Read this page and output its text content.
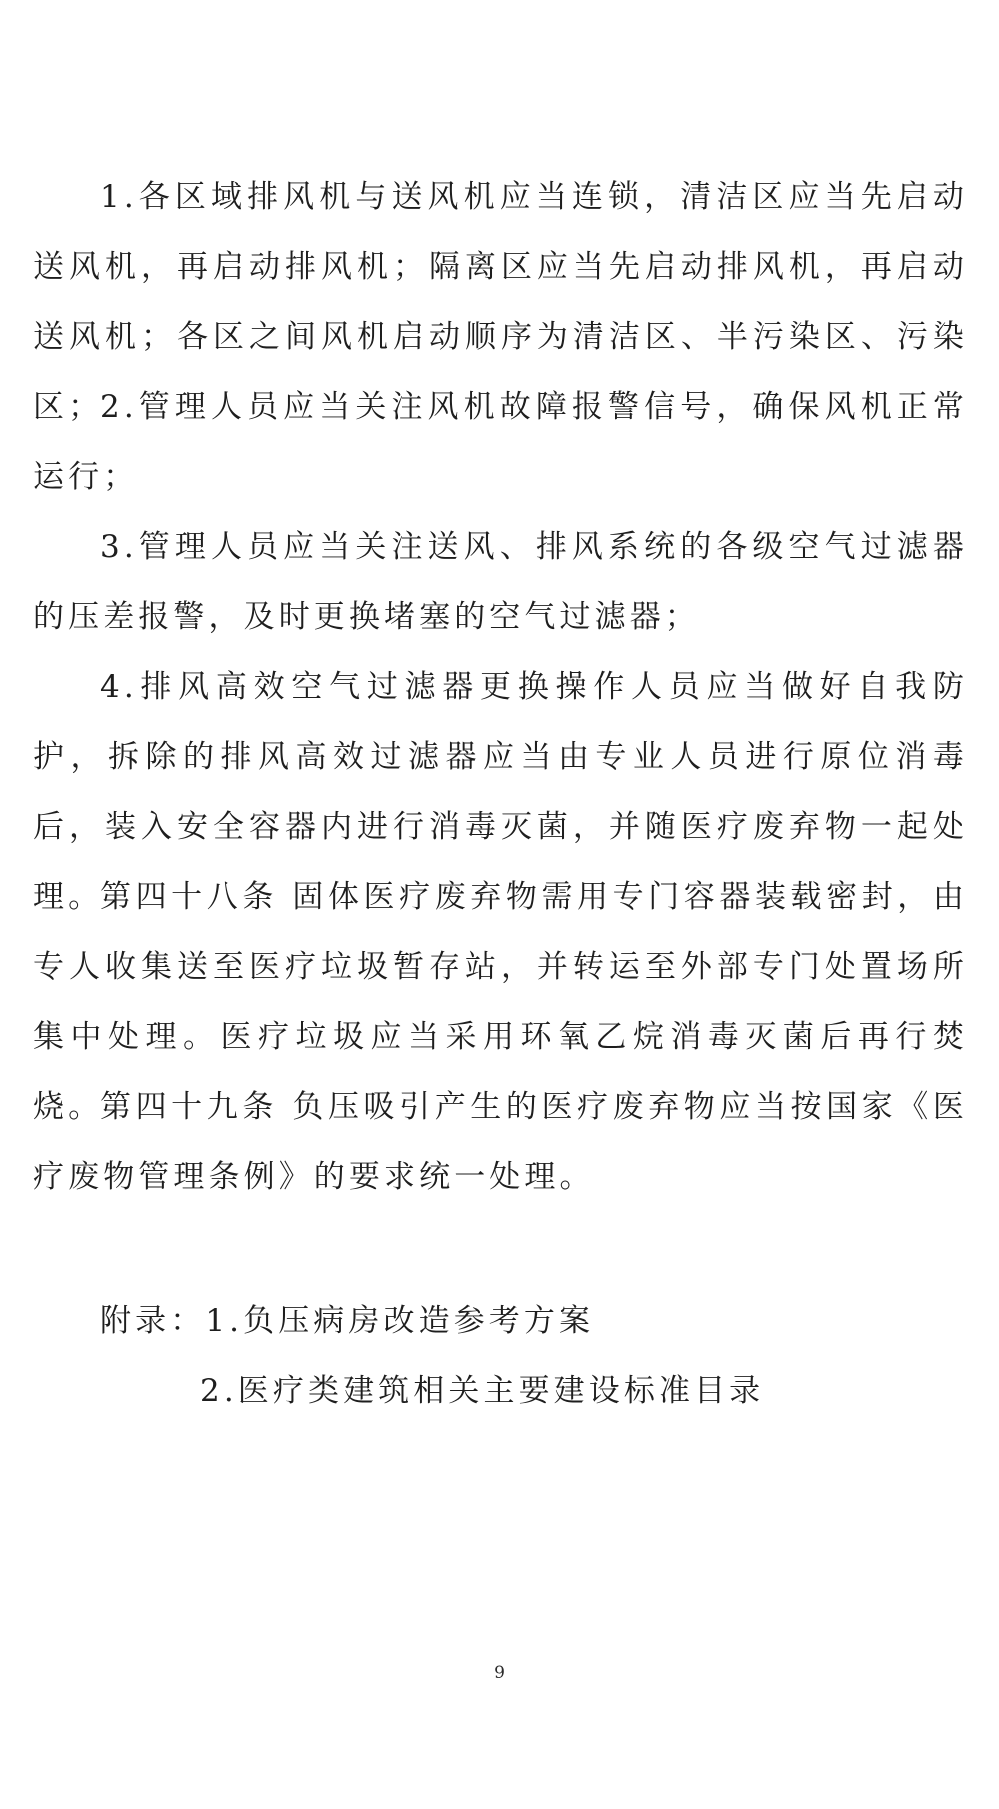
1.各区域排风机与送风机应当连锁，清洁区应当先启动送风机，再启动排风机；隔离区应当先启动排风机，再启动送风机；各区之间风机启动顺序为清洁区、半污染区、污染区；

2.管理人员应当关注风机故障报警信号，确保风机正常运行；

3.管理人员应当关注送风、排风系统的各级空气过滤器的压差报警，及时更换堵塞的空气过滤器；

4.排风高效空气过滤器更换操作人员应当做好自我防护，拆除的排风高效过滤器应当由专业人员进行原位消毒后，装入安全容器内进行消毒灭菌，并随医疗废弃物一起处理。

第四十八条 固体医疗废弃物需用专门容器装载密封，由专人收集送至医疗垃圾暂存站，并转运至外部专门处置场所集中处理。医疗垃圾应当采用环氧乙烷消毒灭菌后再行焚烧。

第四十九条 负压吸引产生的医疗废弃物应当按国家《医疗废物管理条例》的要求统一处理。

附录：1.负压病房改造参考方案

2.医疗类建筑相关主要建设标准目录

9
